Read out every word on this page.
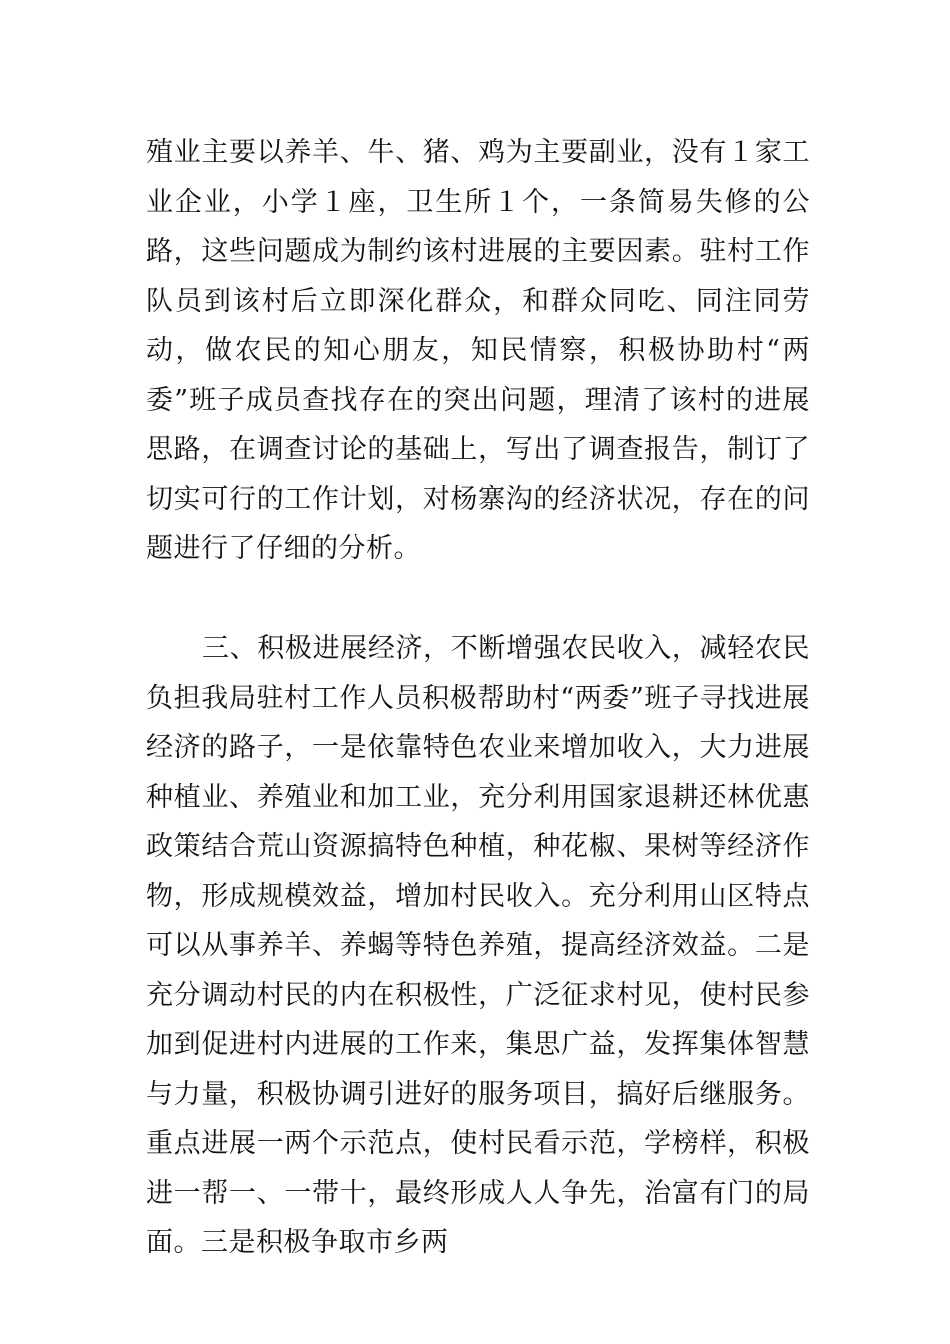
殖业主要以养羊、牛、猪、鸡为主要副业，没有１家工业企业，小学１座，卫生所１个，一条简易失修的公路，这些问题成为制约该村进展的主要因素。驻村工作队员到该村后立即深化群众，和群众同吃、同注同劳动，做农民的知心朋友，知民情察，积极协助村“两委”班子成员查找存在的突出问题，理清了该村的进展思路，在调查讨论的基础上，写出了调查报告，制订了切实可行的工作计划，对杨寨沟的经济状况，存在的问题进行了仔细的分析。

三、积极进展经济，不断增强农民收入，减轻农民负担我局驻村工作人员积极帮助村“两委”班子寻找进展经济的路子，一是依靠特色农业来增加收入，大力进展种植业、养殖业和加工业，充分利用国家退耕还林优惠政策结合荒山资源搞特色种植，种花椒、果树等经济作物，形成规模效益，增加村民收入。充分利用山区特点可以从事养羊、养蝎等特色养殖，提高经济效益。二是充分调动村民的内在积极性，广泛征求村见，使村民参加到促进村内进展的工作来，集思广益，发挥集体智慧与力量，积极协调引进好的服务项目，搞好后继服务。重点进展一两个示范点，使村民看示范，学榜样，积极进一帮一、一带十，最终形成人人争先，治富有门的局面。三是积极争取市乡两
